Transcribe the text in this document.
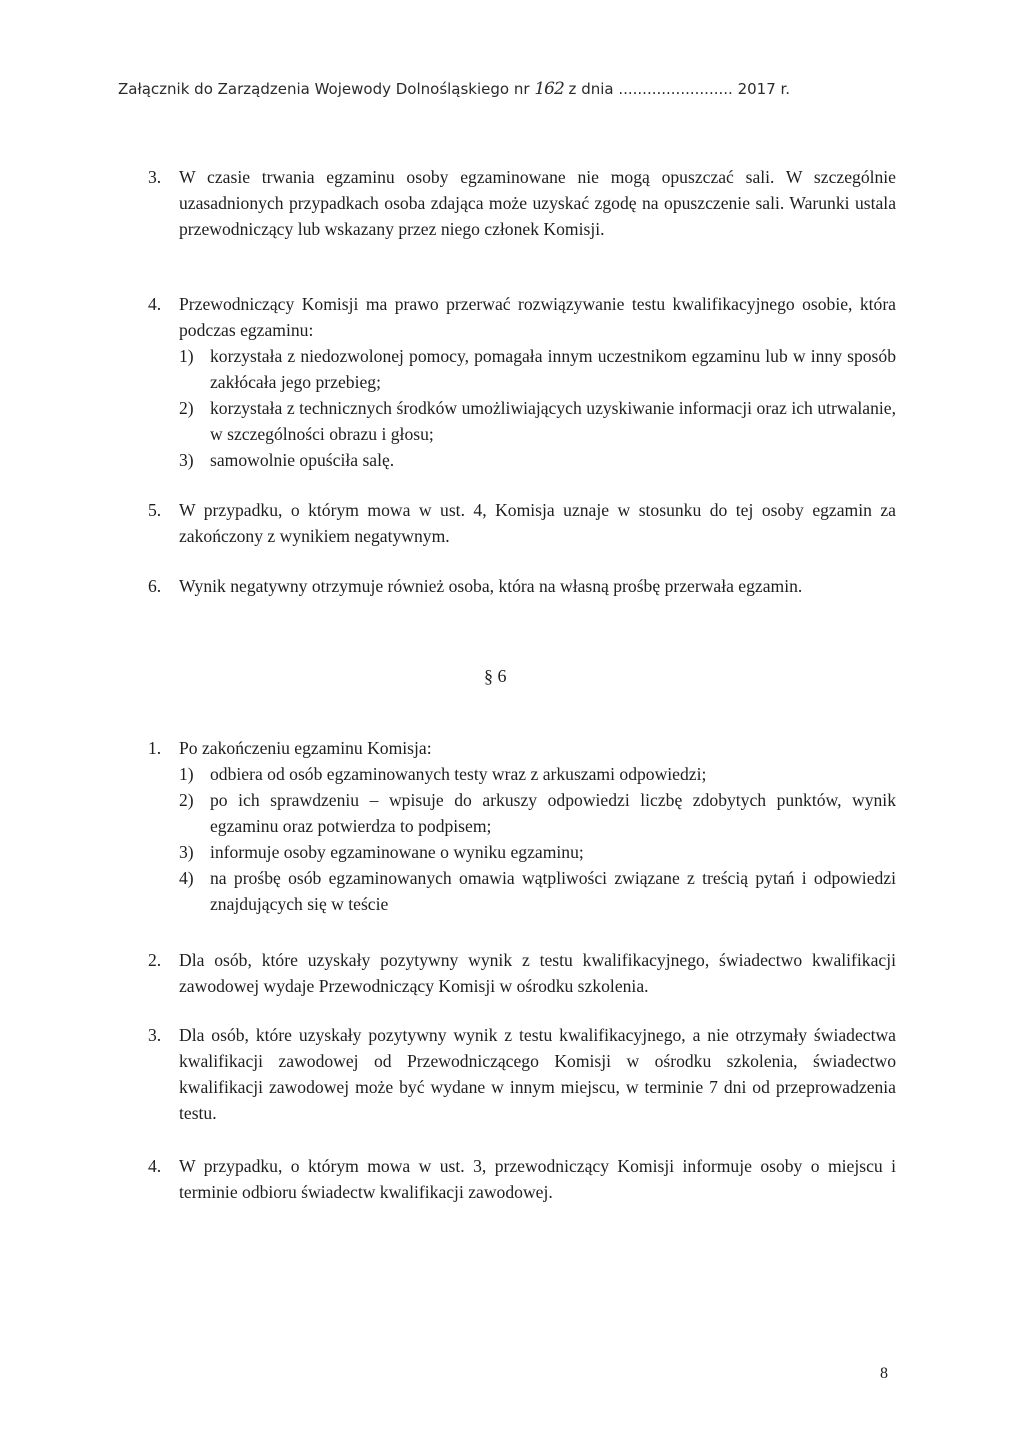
Załącznik do Zarządzenia Wojewody Dolnośląskiego nr 162 z dnia ........................ 2017 r.
3. W czasie trwania egzaminu osoby egzaminowane nie mogą opuszczać sali. W szczególnie uzasadnionych przypadkach osoba zdająca może uzyskać zgodę na opuszczenie sali. Warunki ustala przewodniczący lub wskazany przez niego członek Komisji.
4. Przewodniczący Komisji ma prawo przerwać rozwiązywanie testu kwalifikacyjnego osobie, która podczas egzaminu:
1) korzystała z niedozwolonej pomocy, pomagała innym uczestnikom egzaminu lub w inny sposób zakłócała jego przebieg;
2) korzystała z technicznych środków umożliwiających uzyskiwanie informacji oraz ich utrwalanie, w szczególności obrazu i głosu;
3) samowolnie opuściła salę.
5. W przypadku, o którym mowa w ust. 4, Komisja uznaje w stosunku do tej osoby egzamin za zakończony z wynikiem negatywnym.
6. Wynik negatywny otrzymuje również osoba, która na własną prośbę przerwała egzamin.
§ 6
1. Po zakończeniu egzaminu Komisja:
1) odbiera od osób egzaminowanych testy wraz z arkuszami odpowiedzi;
2) po ich sprawdzeniu – wpisuje do arkuszy odpowiedzi liczbę zdobytych punktów, wynik egzaminu oraz potwierdza to podpisem;
3) informuje osoby egzaminowane o wyniku egzaminu;
4) na prośbę osób egzaminowanych omawia wątpliwości związane z treścią pytań i odpowiedzi znajdujących się w teście
2. Dla osób, które uzyskały pozytywny wynik z testu kwalifikacyjnego, świadectwo kwalifikacji zawodowej wydaje Przewodniczący Komisji w ośrodku szkolenia.
3. Dla osób, które uzyskały pozytywny wynik z testu kwalifikacyjnego, a nie otrzymały świadectwa kwalifikacji zawodowej od Przewodniczącego Komisji w ośrodku szkolenia, świadectwo kwalifikacji zawodowej może być wydane w innym miejscu, w terminie 7 dni od przeprowadzenia testu.
4. W przypadku, o którym mowa w ust. 3, przewodniczący Komisji informuje osoby o miejscu i terminie odbioru świadectw kwalifikacji zawodowej.
8
